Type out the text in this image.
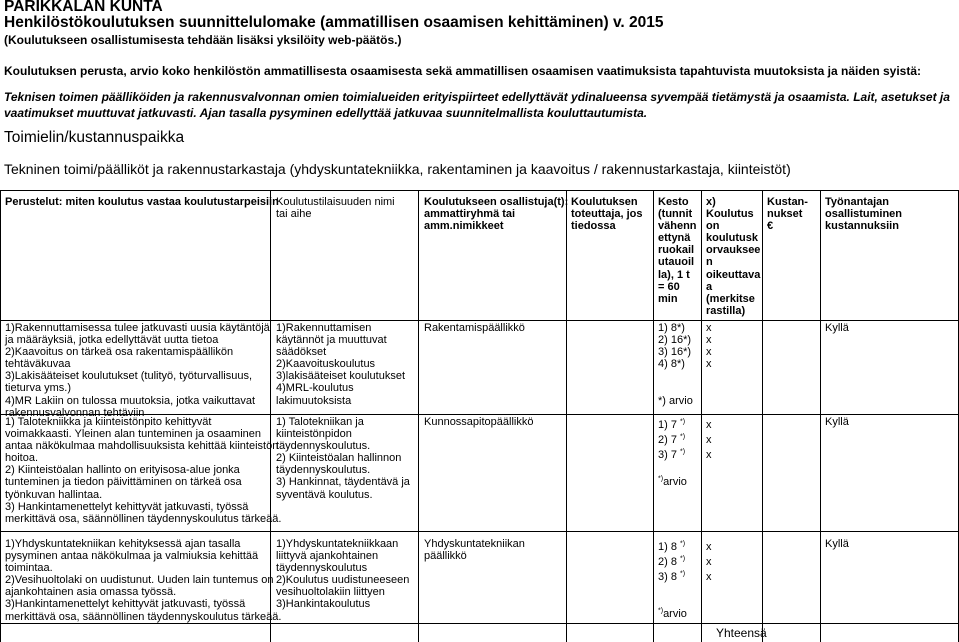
PARIKKALAN KUNTA
Henkilöstökoulutuksen suunnittelulomake (ammatillisen osaamisen kehittäminen) v. 2015
(Koulutukseen osallistumisesta tehdään lisäksi yksilöity web-päätös.)
Koulutuksen perusta, arvio koko henkilöstön ammatillisesta osaamisesta sekä ammatillisen osaamisen vaatimuksista tapahtuvista muutoksista ja näiden syistä:
Teknisen toimen päälliköiden ja rakennusvalvonnan omien toimialueiden erityispiirteet edellyttävät ydinalueensa syvempää tietämystä ja osaamista. Lait, asetukset ja
vaatimukset muuttuvat jatkuvasti. Ajan tasalla pysyminen edellyttää jatkuvaa suunnitelmallista kouluttautumista.
Toimielin/kustannuspaikka
Tekninen toimi/päälliköt ja rakennustarkastaja (yhdyskuntatekniikka, rakentaminen ja kaavoitus / rakennustarkastaja, kiinteistöt)
Perustelut: miten koulutus vastaa koulutustarpeisiin
Koulutustilaisuuden nimi
tai aihe
Koulutukseen osallistuja(t):
ammattiryhmä tai
amm.nimikkeet
Koulutuksen
toteuttaja, jos
tiedossa
Kesto
(tunnit
vähenn
ettynä
ruokail
utauoil
la), 1 t
= 60
min
x)
Koulutus
on
koulutusk
orvauksee
n
oikeuttava
a
(merkitse
rastilla)
Kustan-
nukset
€
Työnantajan
osallistuminen
kustannuksiin
1)Rakennuttamisessa tulee jatkuvasti uusia käytäntöjä
ja määräyksiä, jotka edellyttävät uutta tietoa
2)Kaavoitus on tärkeä osa rakentamispäällikön
tehtäväkuvaa
3)Lakisääteiset koulutukset (tulityö, työturvallisuus,
tieturva yms.)
4)MR Lakiin on tulossa muutoksia, jotka vaikuttavat
rakennusvalvonnan tehtäviin
1)Rakennuttamisen
käytännöt ja muuttuvat
säädökset
2)Kaavoituskoulutus
3)lakisääteiset koulutukset
4)MRL-koulutus
lakimuutoksista
Rakentamispäällikkö	1) 8*)
2) 16*)
3) 16*)
4) 8*)
*) arvio
x
x
x
x
Kyllä
1) Talotekniikka ja kiinteistönpito kehittyvät
voimakkaasti. Yleinen alan tunteminen ja osaaminen
antaa näkökulmaa mahdollisuuksista kehittää kiinteistön
hoitoa.
2) Kiinteistöalan hallinto on erityisosa-alue jonka
tunteminen ja tiedon päivittäminen on tärkeä osa
työnkuvan hallintaa.
3) Hankintamenettelyt kehittyvät jatkuvasti, työssä
merkittävä osa, säännöllinen täydennyskoulutus tärkeää.
1) Talotekniikan ja
kiinteistönpidon
täydennyskoulutus.
2) Kiinteistöalan hallinnon
täydennyskoulutus.
3) Hankinnat, täydentävä ja
syventävä koulutus.
Kunnossapitopäällikkö	1) 7 *)
2) 7 *)
3) 7 *)
*)arvio
x
x
x
Kyllä
1)Yhdyskuntatekniikan kehityksessä ajan tasalla
pysyminen antaa näkökulmaa ja valmiuksia kehittää
toimintaa.
2)Vesihuoltolaki on uudistunut. Uuden lain tuntemus on
ajankohtainen asia omassa työssä.
3)Hankintamenettelyt kehittyvät jatkuvasti, työssä
merkittävä osa, säännöllinen täydennyskoulutus tärkeää.
1)Yhdyskuntatekniikkaan
liittyvä ajankohtainen
täydennyskoulutus
2)Koulutus uudistuneeseen
vesihuoltolakiin liittyen
3)Hankintakoulutus
Yhdyskuntatekniikan
päällikkö
1) 8 *)
2) 8 *)
3) 8 *)
*)arvio
x
x
x
Kyllä
Yhteensä
